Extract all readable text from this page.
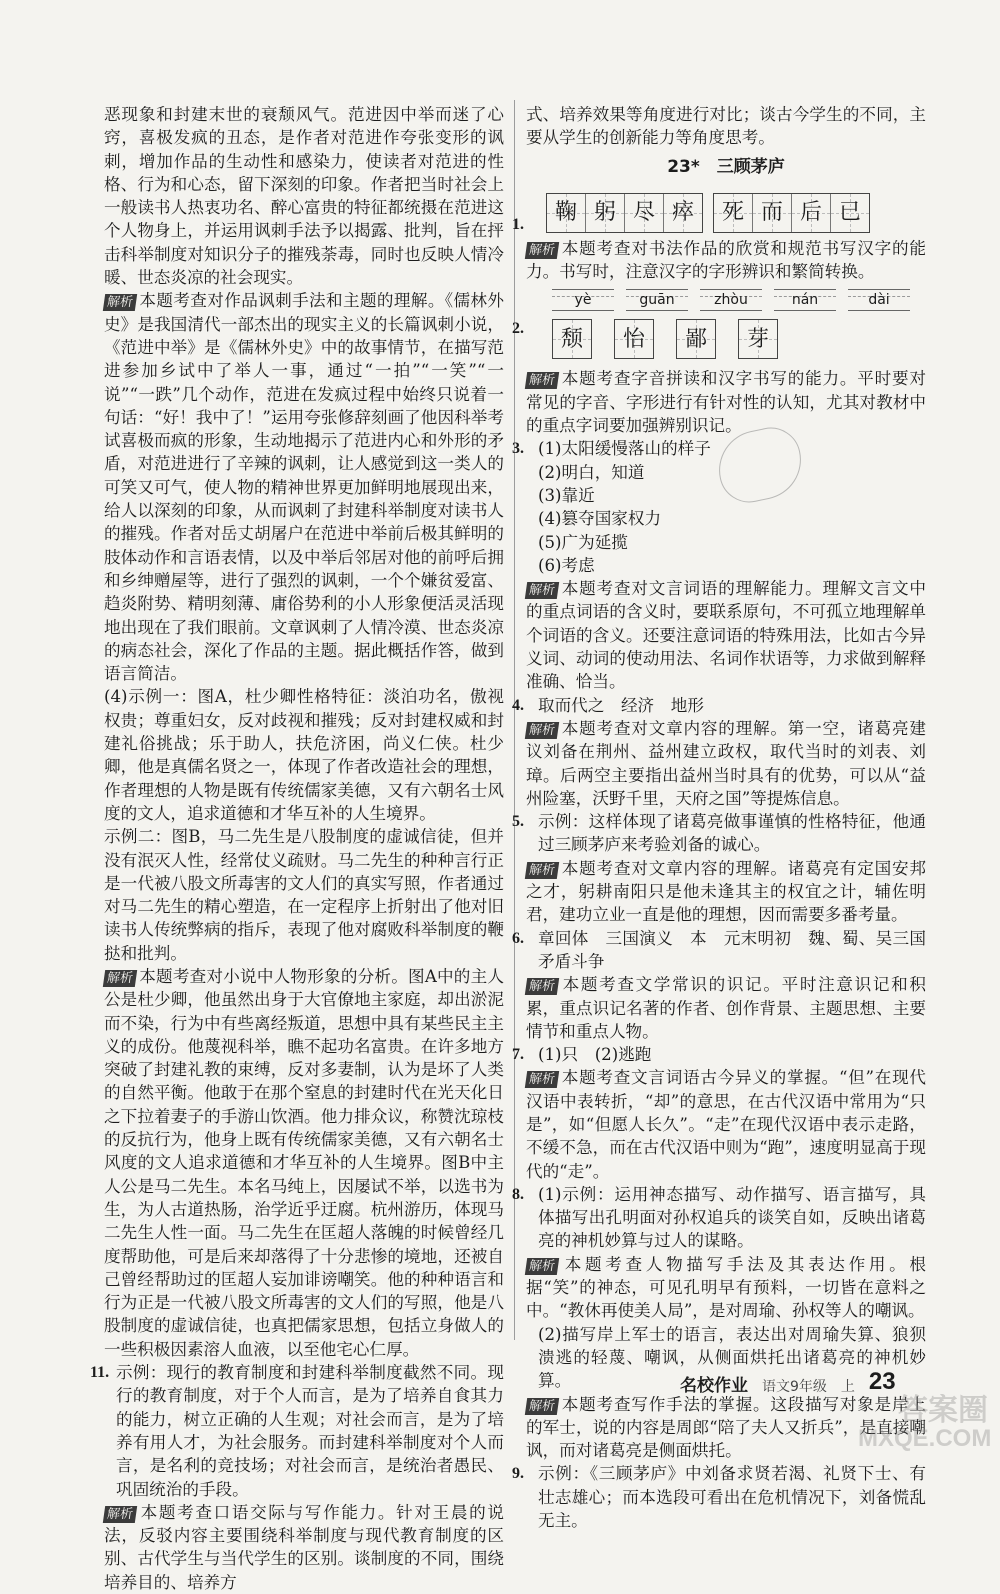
恶现象和封建末世的衰颓风气。范进因中举而迷了心窍，喜极发疯的丑态，是作者对范进作夸张变形的讽刺，增加作品的生动性和感染力，使读者对范进的性格、行为和心态，留下深刻的印象。作者把当时社会上一般读书人热衷功名、醉心富贵的特征都统摄在范进这个人物身上，并运用讽刺手法予以揭露、批判，旨在抨击科举制度对知识分子的摧残荼毒，同时也反映人情冷暖、世态炎凉的社会现实。

解析 本题考查对作品讽刺手法和主题的理解。《儒林外史》是我国清代一部杰出的现实主义的长篇讽刺小说，《范进中举》是《儒林外史》中的故事情节，在描写范进参加乡试中了举人一事，通过“一拍”“一笑”“一说”“一跌”几个动作，范进在发疯过程中始终只说着一句话：“好！我中了！”运用夸张修辞刻画了他因科举考试喜极而疯的形象，生动地揭示了范进内心和外形的矛盾，对范进进行了辛辣的讽刺，让人感觉到这一类人的可笑又可气，使人物的精神世界更加鲜明地展现出来，给人以深刻的印象，从而讽刺了封建科举制度对读书人的摧残。作者对岳丈胡屠户在范进中举前后极其鲜明的肢体动作和言语表情，以及中举后邻居对他的前呼后拥和乡绅赠屋等，进行了强烈的讽刺，一个个嫌贫爱富、趋炎附势、精明刻薄、庸俗势利的小人形象便活灵活现地出现在了我们眼前。文章讽刺了人情冷漠、世态炎凉的病态社会，深化了作品的主题。据此概括作答，做到语言简洁。

(4)示例一：图A，杜少卿性格特征：淡泊功名，傲视权贵；尊重妇女，反对歧视和摧残；反对封建权威和封建礼俗挑战；乐于助人，扶危济困，尚义仁侠。杜少卿，他是真儒名贤之一，体现了作者改造社会的理想，作者理想的人物是既有传统儒家美德，又有六朝名士风度的文人，追求道德和才华互补的人生境界。

示例二：图B，马二先生是八股制度的虚诚信徒，但并没有泯灭人性，经常仗义疏财。马二先生的种种言行正是一代被八股文所毒害的文人们的真实写照，作者通过对马二先生的精心塑造，在一定程序上折射出了他对旧读书人传统弊病的指斥，表现了他对腐败科举制度的鞭挞和批判。

解析 本题考查对小说中人物形象的分析。图A中的主人公是杜少卿，他虽然出身于大官僚地主家庭，却出淤泥而不染，行为中有些离经叛道，思想中具有某些民主主义的成份。他蔑视科举，瞧不起功名富贵。在许多地方突破了封建礼教的束缚，反对多妻制，认为是坏了人类的自然平衡。他敢于在那个窒息的封建时代在光天化日之下拉着妻子的手游山饮酒。他力排众议，称赞沈琼枝的反抗行为，他身上既有传统儒家美德，又有六朝名士风度的文人追求道德和才华互补的人生境界。图B中主人公是马二先生。本名马纯上，因屡试不举，以选书为生，为人古道热肠，治学近乎迂腐。杭州游历，体现马二先生人性一面。马二先生在匡超人落魄的时候曾经几度帮助他，可是后来却落得了十分悲惨的境地，还被自己曾经帮助过的匡超人妄加诽谤嘲笑。他的种种语言和行为正是一代被八股文所毒害的文人们的写照，他是八股制度的虚诚信徒，也真把儒家思想，包括立身做人的一些积极因素溶人血液，以至他宅心仁厚。

11. 示例：现行的教育制度和封建科举制度截然不同。现行的教育制度，对于个人而言，是为了培养自食其力的能力，树立正确的人生观；对社会而言，是为了培养有用人才，为社会服务。而封建科举制度对个人而言，是名利的竞技场；对社会而言，是统治者愚民、巩固统治的手段。

解析 本题考查口语交际与写作能力。针对王晨的说法，反驳内容主要围绕科举制度与现代教育制度的区别、古代学生与当代学生的区别。谈制度的不同，围绕培养目的、培养方

式、培养效果等角度进行对比；谈古今学生的不同，主要从学生的创新能力等角度思考。

23*　三顾茅庐
1. 鞠 躬 尽 瘁 死 而 后 已

解析 本题考查对书法作品的欣赏和规范书写汉字的能力。书写时，注意汉字的字形辨识和繁简转换。

2.
yè	guān	zhòu	nán	dài
颓 怡 鄙 芽

解析 本题考查字音拼读和汉字书写的能力。平时要对常见的字音、字形进行有针对性的认知，尤其对教材中的重点字词要加强辨别识记。

3. (1)太阳缓慢落山的样子

(2)明白，知道

(3)靠近

(4)篡夺国家权力

(5)广为延揽

(6)考虑

解析 本题考查对文言词语的理解能力。理解文言文中的重点词语的含义时，要联系原句，不可孤立地理解单个词语的含义。还要注意词语的特殊用法，比如古今异义词、动词的使动用法、名词作状语等，力求做到解释准确、恰当。

4. 取而代之　经济　地形

解析 本题考查对文章内容的理解。第一空，诸葛亮建议刘备在荆州、益州建立政权，取代当时的刘表、刘璋。后两空主要指出益州当时具有的优势，可以从“益州险塞，沃野千里，天府之国”等提炼信息。

5. 示例：这样体现了诸葛亮做事谨慎的性格特征，他通过三顾茅庐来考验刘备的诚心。

解析 本题考查对文章内容的理解。诸葛亮有定国安邦之才，躬耕南阳只是他未逢其主的权宜之计，辅佐明君，建功立业一直是他的理想，因而需要多番考量。

6. 章回体　三国演义　本　元末明初　魏、蜀、吴三国矛盾斗争

解析 本题考查文学常识的识记。平时注意识记和积累，重点识记名著的作者、创作背景、主题思想、主要情节和重点人物。

7. (1)只　(2)逃跑

解析 本题考查文言词语古今异义的掌握。“但”在现代汉语中表转折，“却”的意思，在古代汉语中常用为“只是”，如“但愿人长久”。“走”在现代汉语中表示走路，不缓不急，而在古代汉语中则为“跑”，速度明显高于现代的“走”。

8. (1)示例：运用神态描写、动作描写、语言描写，具体描写出孔明面对孙权追兵的谈笑自如，反映出诸葛亮的神机妙算与过人的谋略。

解析 本题考查人物描写手法及其表达作用。根据“笑”的神态，可见孔明早有预料，一切皆在意料之中。“教休再使美人局”，是对周瑜、孙权等人的嘲讽。

(2)描写岸上军士的语言，表达出对周瑜失算、狼狈溃逃的轻蔑、嘲讽，从侧面烘托出诸葛亮的神机妙算。

解析 本题考查写作手法的掌握。这段描写对象是岸上的军士，说的内容是周郎“陪了夫人又折兵”，是直接嘲讽，而对诸葛亮是侧面烘托。

9. 示例：《三顾茅庐》中刘备求贤若渴、礼贤下士、有壮志雄心；而本选段可看出在危机情况下，刘备慌乱无主。

名校作业 语文9年级　上 23
答案圈
MXQE.COM
